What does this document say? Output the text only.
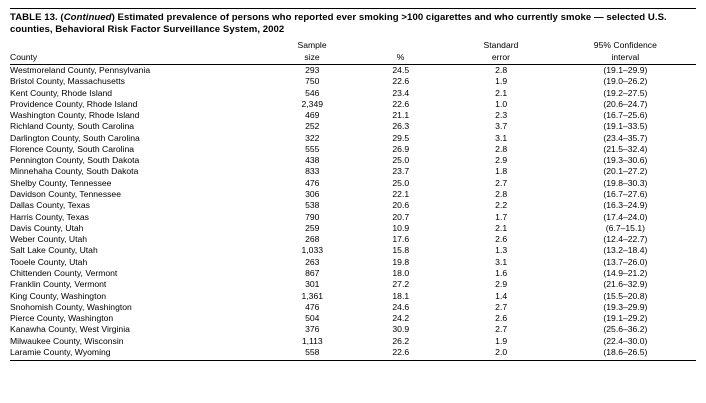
TABLE 13. (Continued) Estimated prevalence of persons who reported ever smoking >100 cigarettes and who currently smoke — selected U.S. counties, Behavioral Risk Factor Surveillance System, 2002
	Sample		Standard	95% Confidence
County	size	%	error	interval
Westmoreland County, Pennsylvania	293	24.5	2.8	(19.1–29.9)
Bristol County, Massachusetts	750	22.6	1.9	(19.0–26.2)
Kent County, Rhode Island	546	23.4	2.1	(19.2–27.5)
Providence County, Rhode Island	2,349	22.6	1.0	(20.6–24.7)
Washington County, Rhode Island	469	21.1	2.3	(16.7–25.6)
Richland County, South Carolina	252	26.3	3.7	(19.1–33.5)
Darlington County, South Carolina	322	29.5	3.1	(23.4–35.7)
Florence County, South Carolina	555	26.9	2.8	(21.5–32.4)
Pennington County, South Dakota	438	25.0	2.9	(19.3–30.6)
Minnehaha County, South Dakota	833	23.7	1.8	(20.1–27.2)
Shelby County, Tennessee	476	25.0	2.7	(19.8–30.3)
Davidson County, Tennessee	306	22.1	2.8	(16.7–27.6)
Dallas County, Texas	538	20.6	2.2	(16.3–24.9)
Harris County, Texas	790	20.7	1.7	(17.4–24.0)
Davis County, Utah	259	10.9	2.1	(6.7–15.1)
Weber County, Utah	268	17.6	2.6	(12.4–22.7)
Salt Lake County, Utah	1,033	15.8	1.3	(13.2–18.4)
Tooele County, Utah	263	19.8	3.1	(13.7–26.0)
Chittenden County, Vermont	867	18.0	1.6	(14.9–21.2)
Franklin County, Vermont	301	27.2	2.9	(21.6–32.9)
King County, Washington	1,361	18.1	1.4	(15.5–20.8)
Snohomish County, Washington	476	24.6	2.7	(19.3–29.9)
Pierce County, Washington	504	24.2	2.6	(19.1–29.2)
Kanawha County, West Virginia	376	30.9	2.7	(25.6–36.2)
Milwaukee County, Wisconsin	1,113	26.2	1.9	(22.4–30.0)
Laramie County, Wyoming	558	22.6	2.0	(18.6–26.5)
